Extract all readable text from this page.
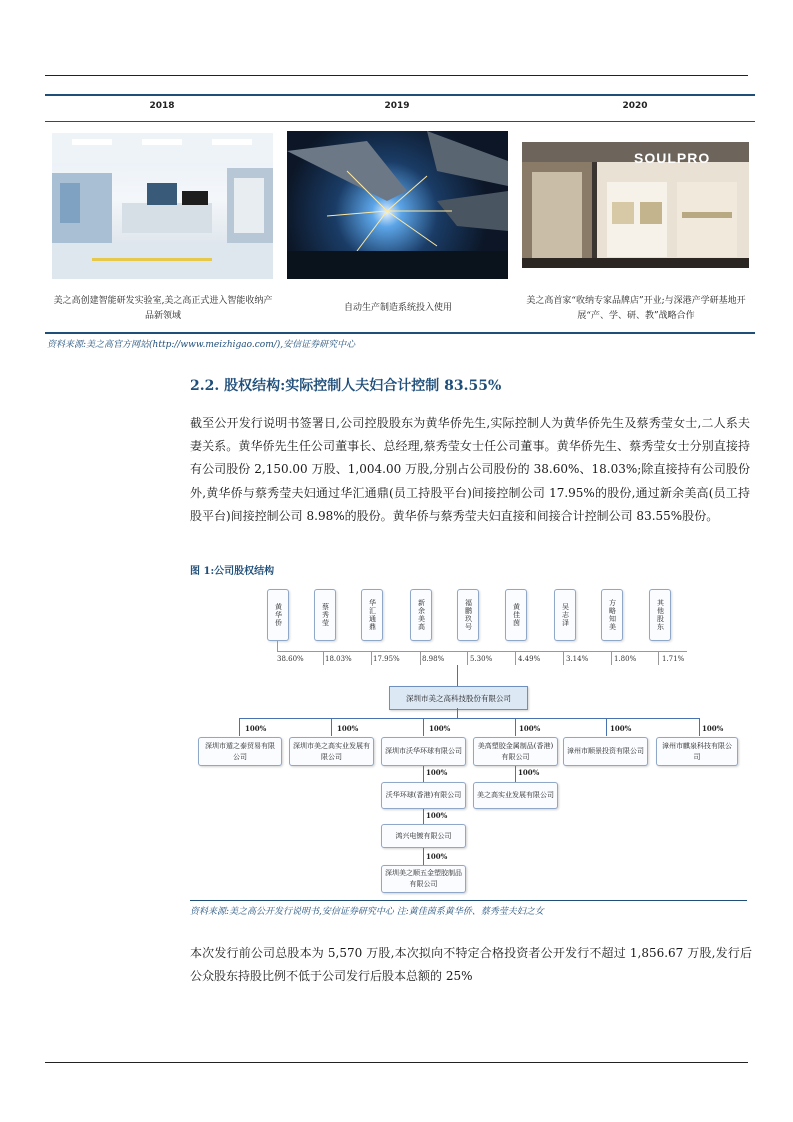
2018	2019	2020
SOULPRO
美之高创建智能研发实验室,美之高正式进入智能收纳产品新领域
自动生产制造系统投入使用
美之高首家“收纳专家品牌店”开业;与深港产学研基地开展“产、学、研、教”战略合作
资料来源:美之高官方网站(http://www.meizhigao.com/),安信证券研究中心
2.2. 股权结构:实际控制人夫妇合计控制 83.55%
截至公开发行说明书签署日,公司控股股东为黄华侨先生,实际控制人为黄华侨先生及蔡秀莹女士,二人系夫妻关系。黄华侨先生任公司董事长、总经理,蔡秀莹女士任公司董事。黄华侨先生、蔡秀莹女士分别直接持有公司股份 2,150.00 万股、1,004.00 万股,分别占公司股份的 38.60%、18.03%;除直接持有公司股份外,黄华侨与蔡秀莹夫妇通过华汇通鼎(员工持股平台)间接控制公司 17.95%的股份,通过新余美高(员工持股平台)间接控制公司 8.98%的股份。黄华侨与蔡秀莹夫妇直接和间接合计控制公司 83.55%股份。
图 1:公司股权结构
黄华侨	蔡秀莹	华汇通鼎	新余美高	福鹏玖号	黄佳茵	吴志泽	方略知美	其他股东
38.60%	18.03%	17.95%	8.98%	5.30%	4.49%	3.14%	1.80%	1.71%
深圳市美之高科技股份有限公司
100%	100%	100%	100%	100%	100%
深圳市遁之泰贸易有限公司
深圳市美之高实业发展有限公司
深圳市沃华环球有限公司
美高塑胶金属制品(香港)有限公司
漳州市顺景投资有限公司
漳州市麒泉科技有限公司
100%
沃华环球(香港)有限公司
100%
鸿兴电镀有限公司
100%
深圳美之顺五金塑胶制品有限公司
100%
美之高实业发展有限公司
资料来源:美之高公开发行说明书,安信证券研究中心 注:黄佳茵系黄华侨、蔡秀莹夫妇之女
本次发行前公司总股本为 5,570 万股,本次拟向不特定合格投资者公开发行不超过 1,856.67 万股,发行后公众股东持股比例不低于公司发行后股本总额的 25%
